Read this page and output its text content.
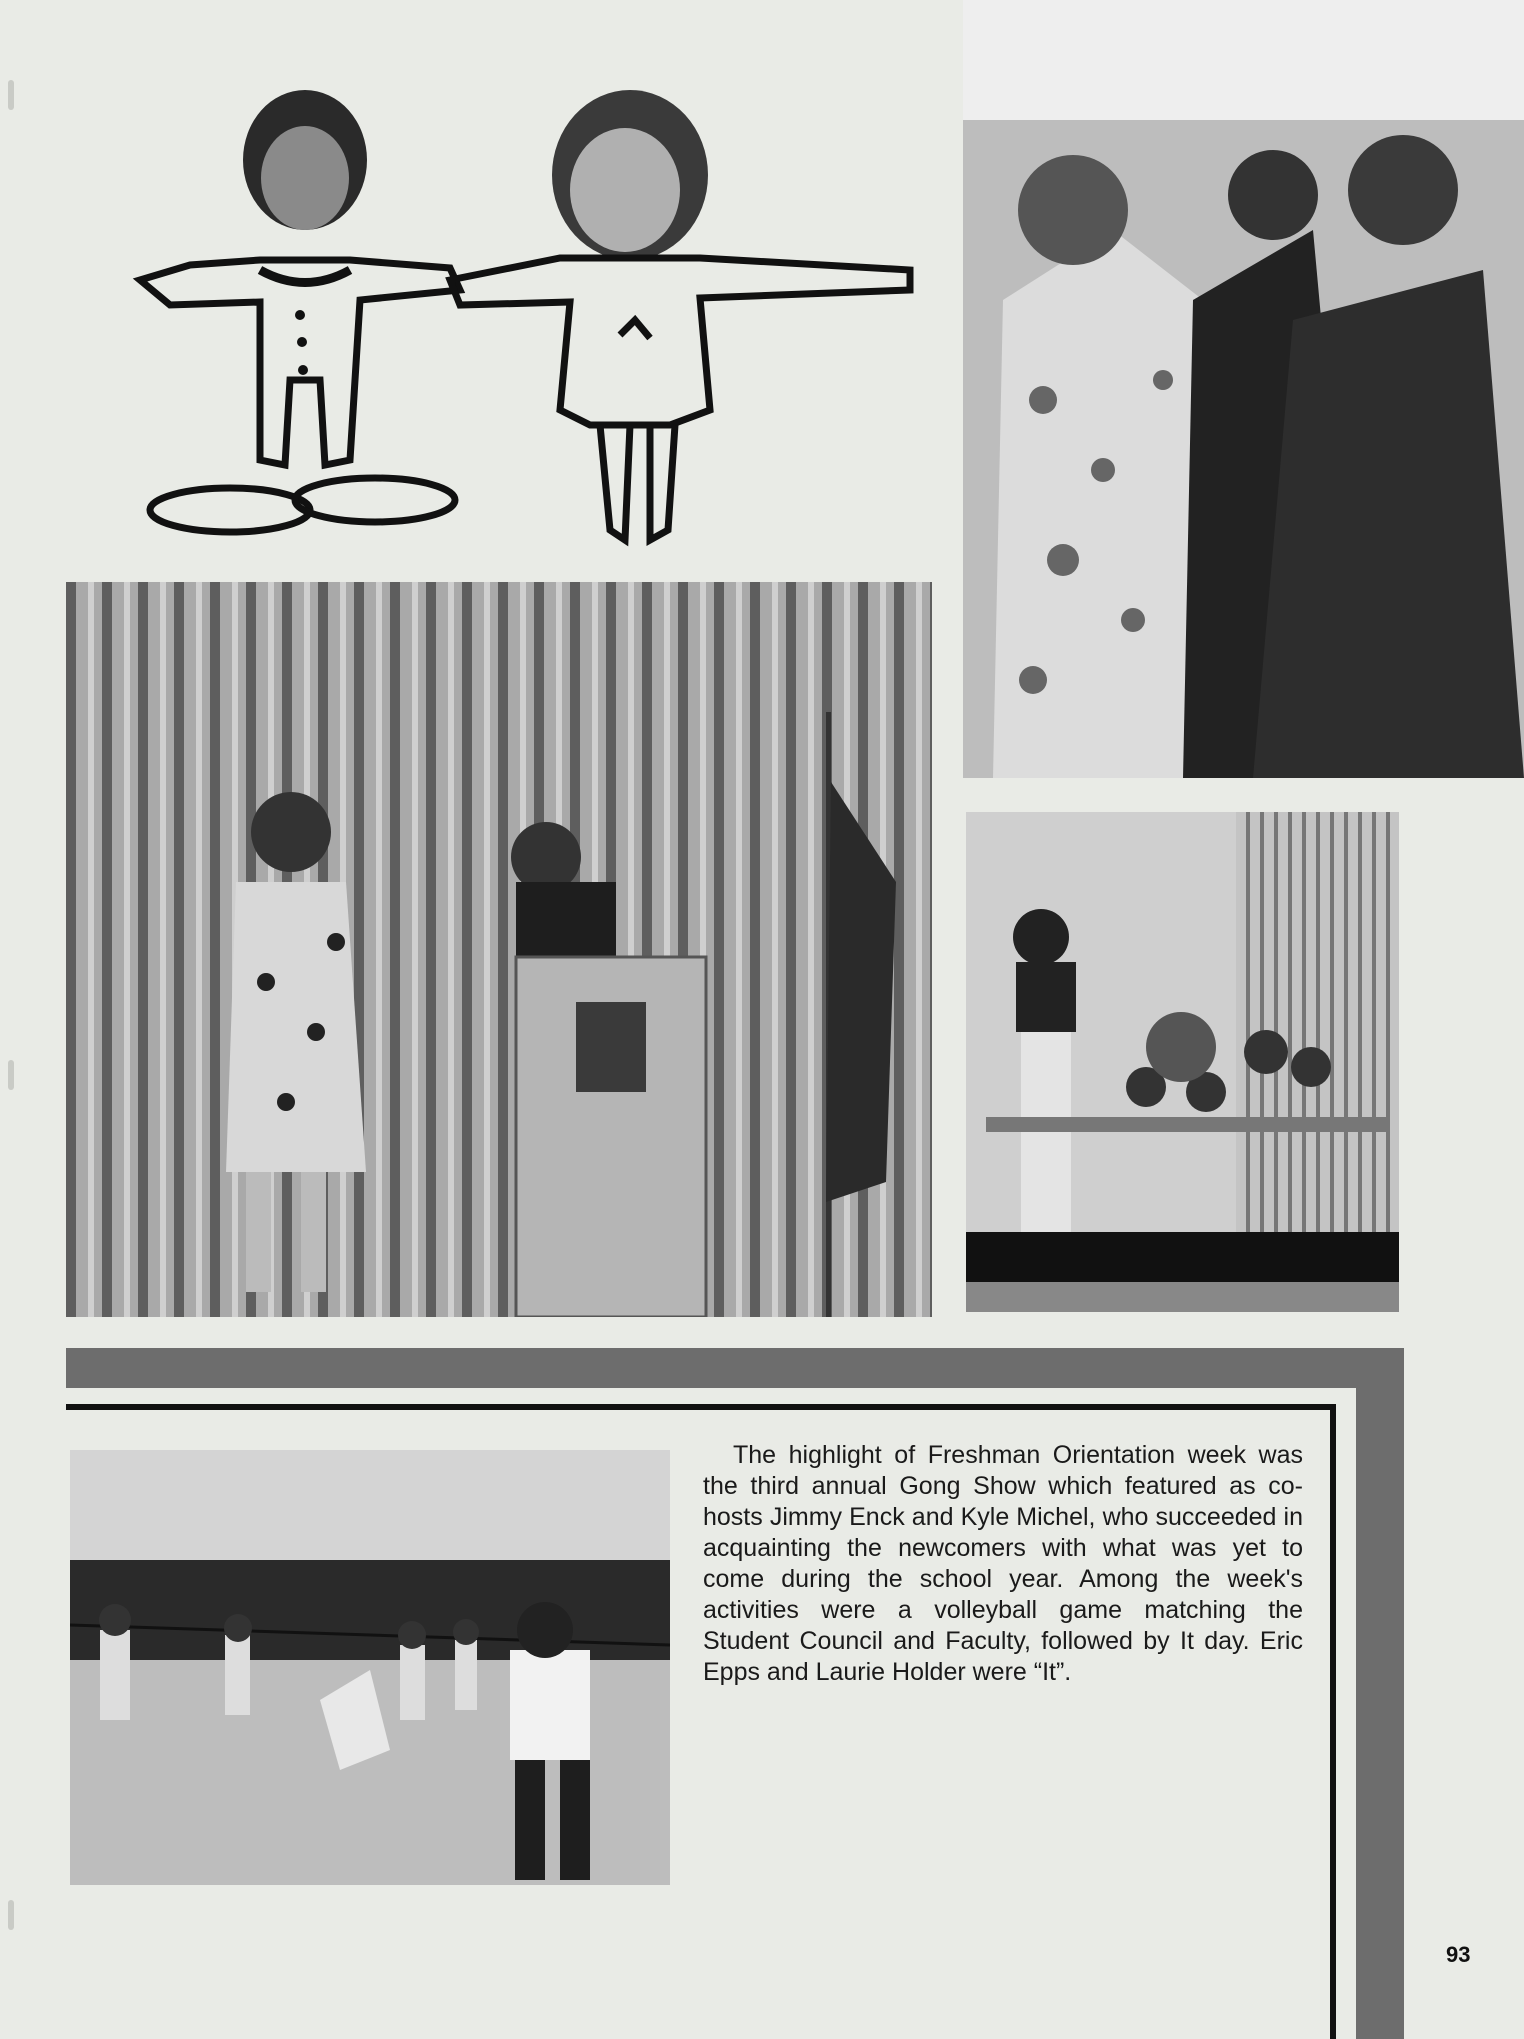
The highlight of Freshman Orientation week was the third annual Gong Show which featured as co-hosts Jimmy Enck and Kyle Michel, who succeeded in acquainting the newcomers with what was yet to come during the school year. Among the week's activities were a volleyball game matching the Student Council and Faculty, followed by It day. Eric Epps and Laurie Holder were “It”.

93
